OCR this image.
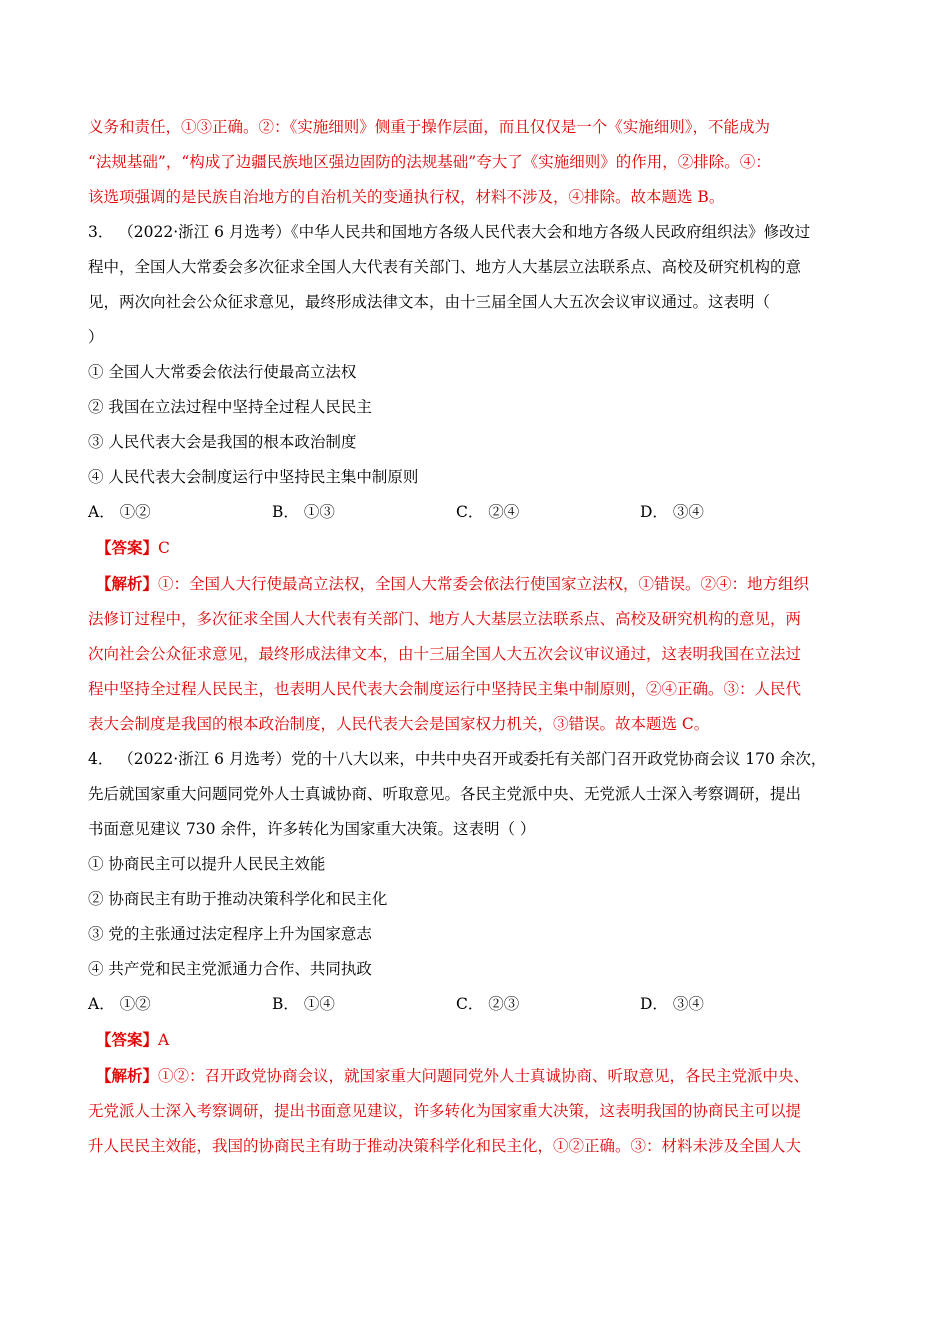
义务和责任，①③正确。②：《实施细则》侧重于操作层面，而且仅仅是一个《实施细则》，不能成为
“法规基础”，“构成了边疆民族地区强边固防的法规基础”夸大了《实施细则》的作用，②排除。④：
该选项强调的是民族自治地方的自治机关的变通执行权，材料不涉及，④排除。故本题选 B。
3． （2022·浙江 6 月选考）《中华人民共和国地方各级人民代表大会和地方各级人民政府组织法》修改过
程中，全国人大常委会多次征求全国人大代表有关部门、地方人大基层立法联系点、高校及研究机构的意
见，两次向社会公众征求意见，最终形成法律文本，由十三届全国人大五次会议审议通过。这表明（
）
① 全国人大常委会依法行使最高立法权
② 我国在立法过程中坚持全过程人民民主
③ 人民代表大会是我国的根本政治制度
④ 人民代表大会制度运行中坚持民主集中制原则
A． ①②	B． ①③	C． ②④	D． ③④
【答案】C
【解析】①：全国人大行使最高立法权，全国人大常委会依法行使国家立法权，①错误。②④：地方组织
法修订过程中，多次征求全国人大代表有关部门、地方人大基层立法联系点、高校及研究机构的意见，两
次向社会公众征求意见，最终形成法律文本，由十三届全国人大五次会议审议通过，这表明我国在立法过
程中坚持全过程人民民主，也表明人民代表大会制度运行中坚持民主集中制原则，②④正确。③：人民代
表大会制度是我国的根本政治制度，人民代表大会是国家权力机关，③错误。故本题选 C。
4． （2022·浙江 6 月选考）党的十八大以来，中共中央召开或委托有关部门召开政党协商会议 170 余次，
先后就国家重大问题同党外人士真诚协商、听取意见。各民主党派中央、无党派人士深入考察调研，提出
书面意见建议 730 余件，许多转化为国家重大决策。这表明（ ）
① 协商民主可以提升人民民主效能
② 协商民主有助于推动决策科学化和民主化
③ 党的主张通过法定程序上升为国家意志
④ 共产党和民主党派通力合作、共同执政
A． ①②	B． ①④	C． ②③	D． ③④
【答案】A
【解析】①②：召开政党协商会议，就国家重大问题同党外人士真诚协商、听取意见，各民主党派中央、
无党派人士深入考察调研，提出书面意见建议，许多转化为国家重大决策，这表明我国的协商民主可以提
升人民民主效能，我国的协商民主有助于推动决策科学化和民主化，①②正确。③：材料未涉及全国人大
